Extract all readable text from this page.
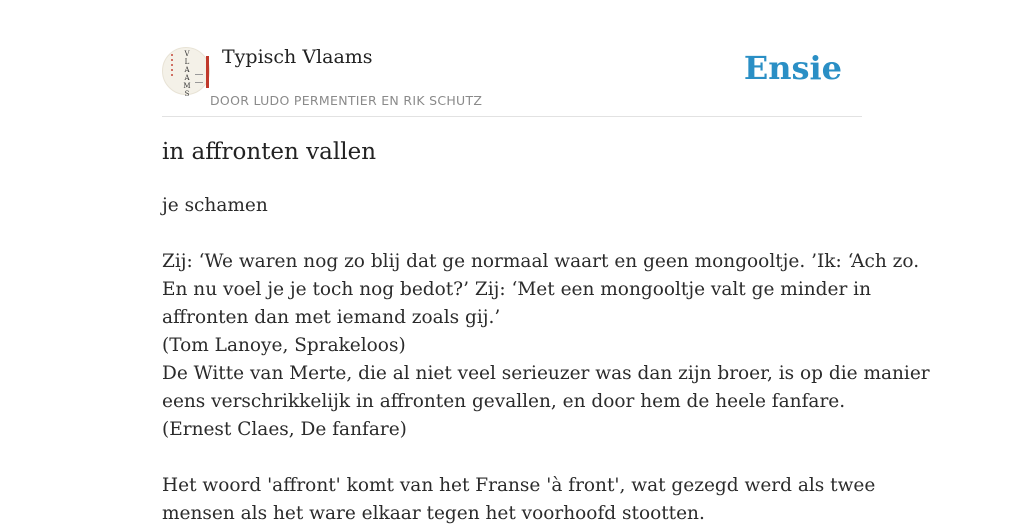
V
L
A
A
M
S
Typisch Vlaams
DOOR LUDO PERMENTIER EN RIK SCHUTZ
Ensie
in affronten vallen

je schamen

Zij: ‘We waren nog zo blij dat ge normaal waart en geen mongooltje. ’Ik: ‘Ach zo.

En nu voel je je toch nog bedot?’ Zij: ‘Met een mongooltje valt ge minder in

affronten dan met iemand zoals gij.’

(Tom Lanoye, Sprakeloos)

De Witte van Merte, die al niet veel serieuzer was dan zijn broer, is op die manier

eens verschrikkelijk in affronten gevallen, en door hem de heele fanfare.

(Ernest Claes, De fanfare)

Het woord 'affront' komt van het Franse 'à front', wat gezegd werd als twee

mensen als het ware elkaar tegen het voorhoofd stootten.
